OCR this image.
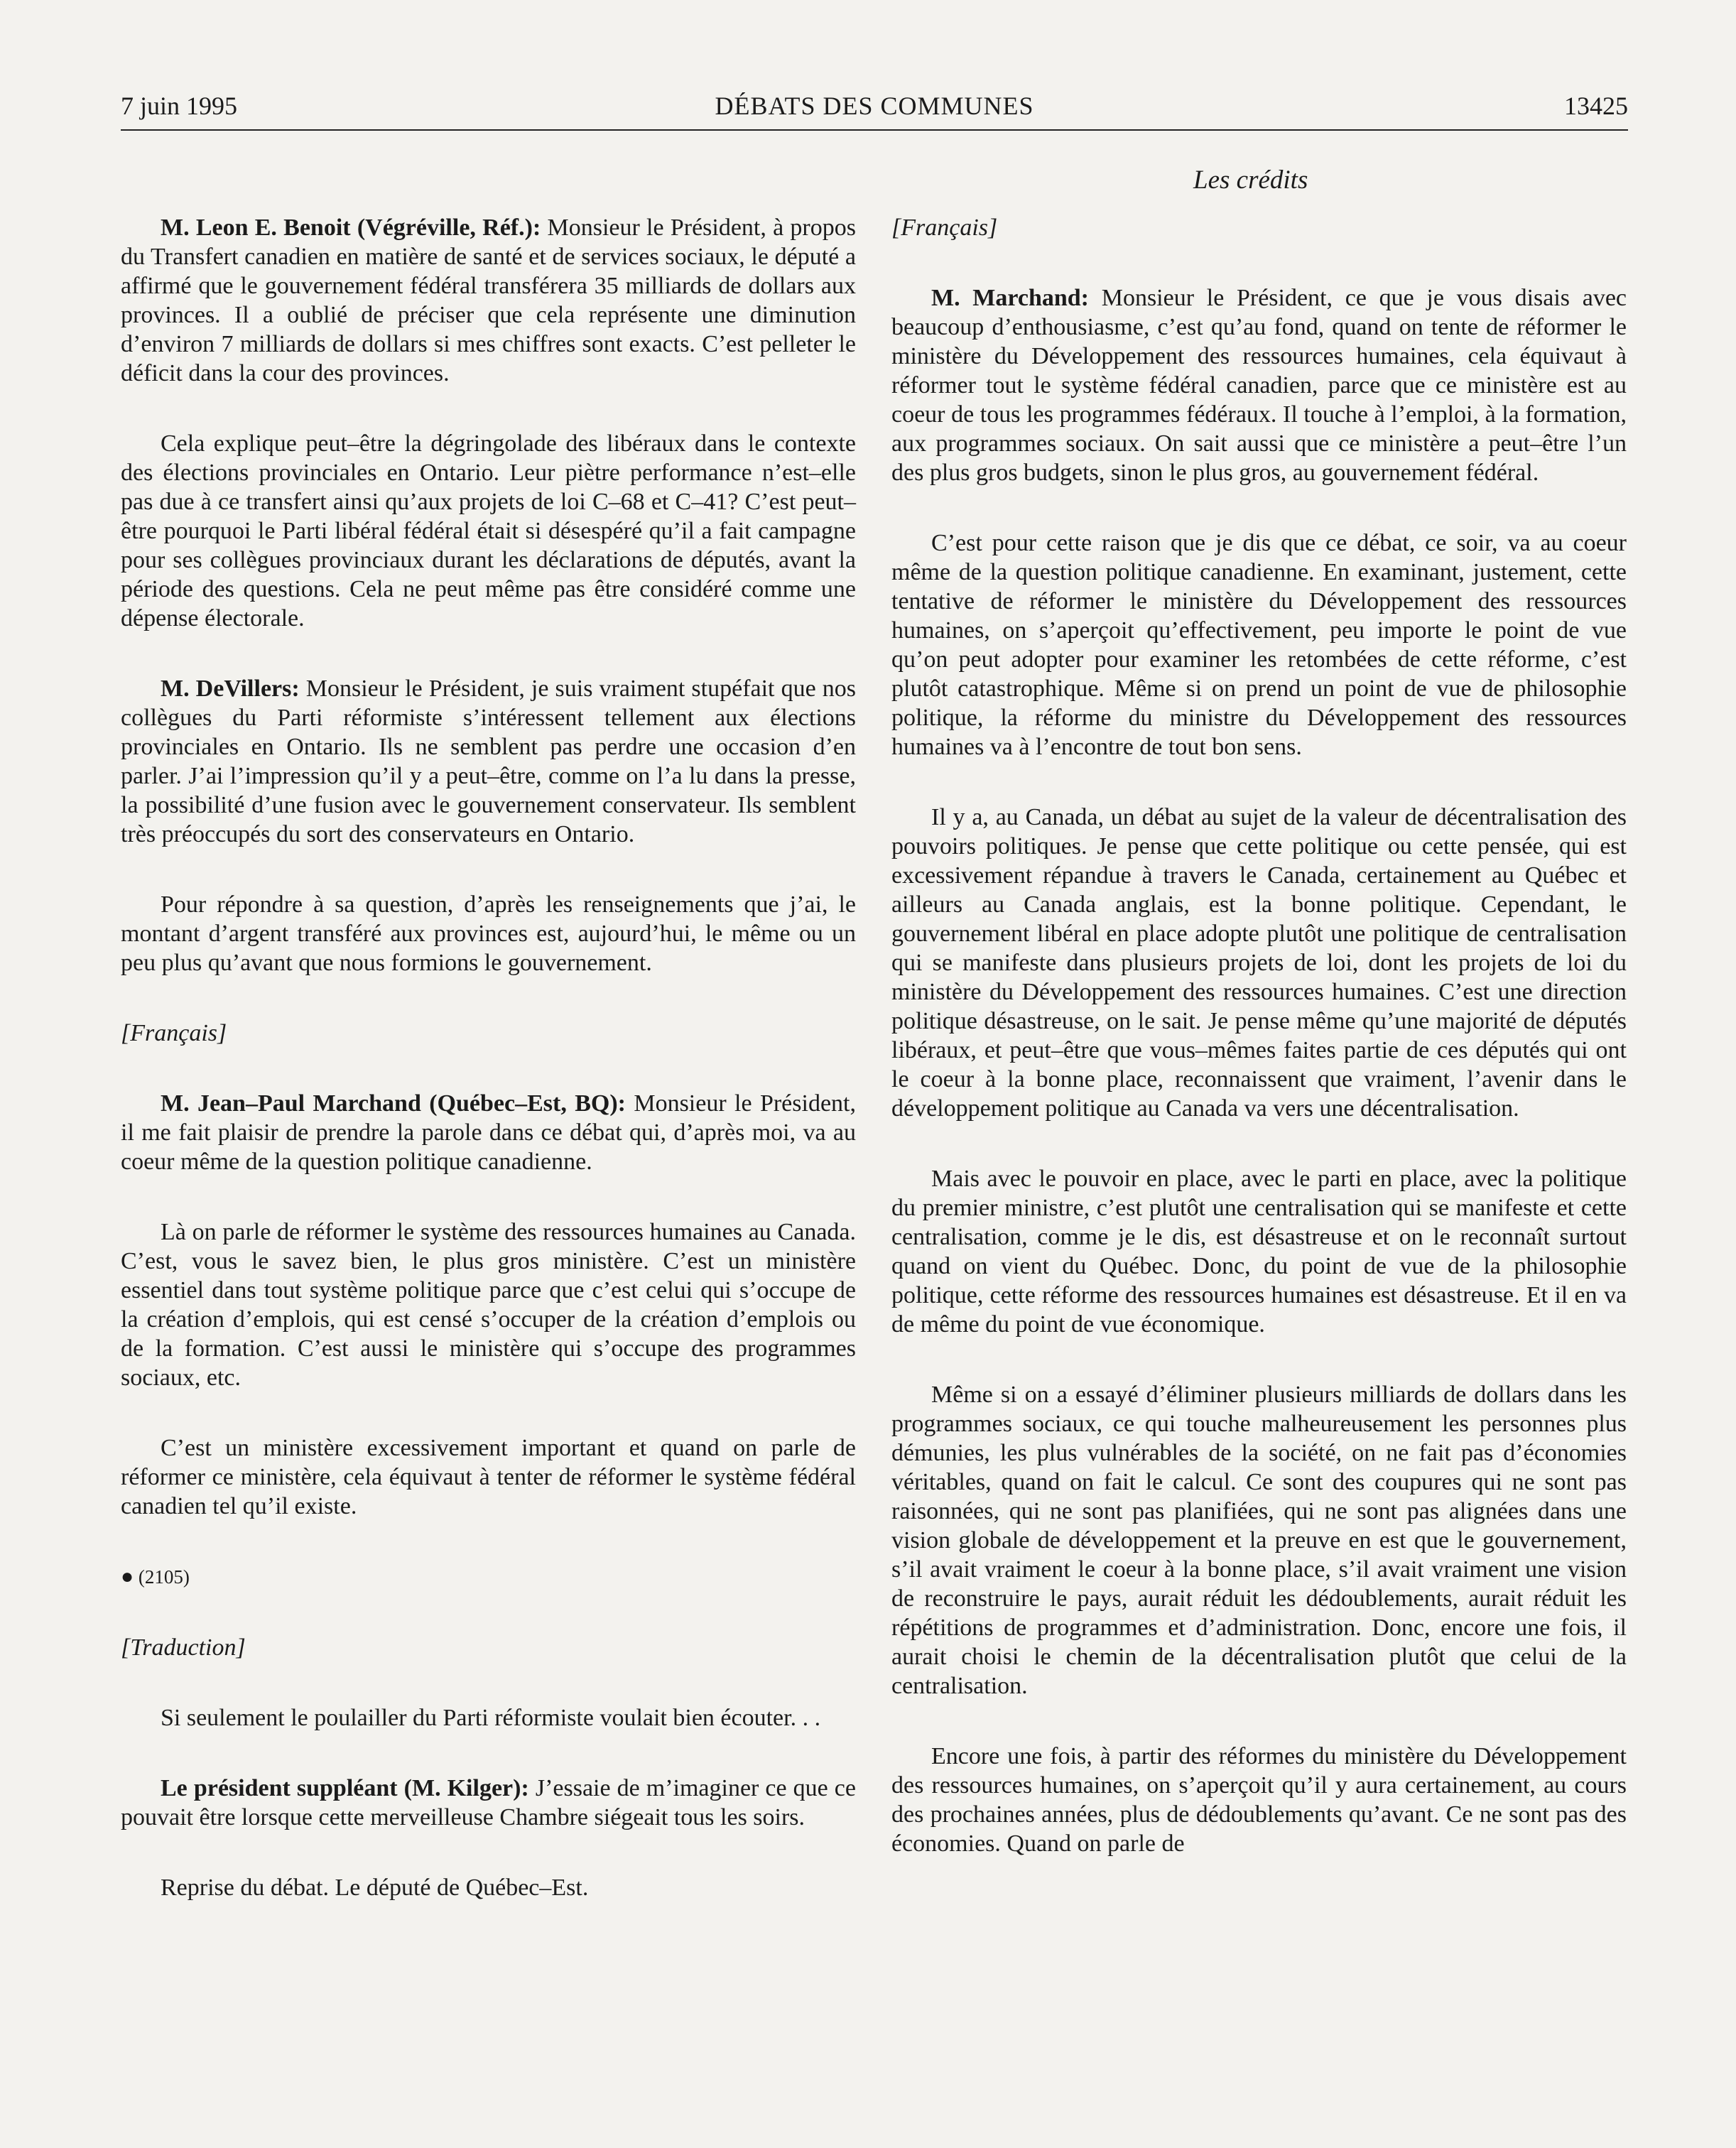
7 juin 1995	DÉBATS DES COMMUNES	13425
Les crédits

M. Leon E. Benoit (Végréville, Réf.): Monsieur le Président, à propos du Transfert canadien en matière de santé et de services sociaux, le député a affirmé que le gouvernement fédéral transférera 35 milliards de dollars aux provinces. Il a oublié de préciser que cela représente une diminution d’environ 7 milliards de dollars si mes chiffres sont exacts. C’est pelleter le déficit dans la cour des provinces.

Cela explique peut–être la dégringolade des libéraux dans le contexte des élections provinciales en Ontario. Leur piètre performance n’est–elle pas due à ce transfert ainsi qu’aux projets de loi C–68 et C–41? C’est peut–être pourquoi le Parti libéral fédéral était si désespéré qu’il a fait campagne pour ses collègues provinciaux durant les déclarations de députés, avant la période des questions. Cela ne peut même pas être considéré comme une dépense électorale.

M. DeVillers: Monsieur le Président, je suis vraiment stupéfait que nos collègues du Parti réformiste s’intéressent tellement aux élections provinciales en Ontario. Ils ne semblent pas perdre une occasion d’en parler. J’ai l’impression qu’il y a peut–être, comme on l’a lu dans la presse, la possibilité d’une fusion avec le gouvernement conservateur. Ils semblent très préoccupés du sort des conservateurs en Ontario.

Pour répondre à sa question, d’après les renseignements que j’ai, le montant d’argent transféré aux provinces est, aujourd’hui, le même ou un peu plus qu’avant que nous formions le gouvernement.

[Français]

M. Jean–Paul Marchand (Québec–Est, BQ): Monsieur le Président, il me fait plaisir de prendre la parole dans ce débat qui, d’après moi, va au coeur même de la question politique canadienne.

Là on parle de réformer le système des ressources humaines au Canada. C’est, vous le savez bien, le plus gros ministère. C’est un ministère essentiel dans tout système politique parce que c’est celui qui s’occupe de la création d’emplois, qui est censé s’occuper de la création d’emplois ou de la formation. C’est aussi le ministère qui s’occupe des programmes sociaux, etc.

C’est un ministère excessivement important et quand on parle de réformer ce ministère, cela équivaut à tenter de réformer le système fédéral canadien tel qu’il existe.

● (2105)

[Traduction]

Si seulement le poulailler du Parti réformiste voulait bien écouter. . .

Le président suppléant (M. Kilger): J’essaie de m’imaginer ce que ce pouvait être lorsque cette merveilleuse Chambre siégeait tous les soirs.

Reprise du débat. Le député de Québec–Est.

[Français]

M. Marchand: Monsieur le Président, ce que je vous disais avec beaucoup d’enthousiasme, c’est qu’au fond, quand on tente de réformer le ministère du Développement des ressources humaines, cela équivaut à réformer tout le système fédéral canadien, parce que ce ministère est au coeur de tous les programmes fédéraux. Il touche à l’emploi, à la formation, aux programmes sociaux. On sait aussi que ce ministère a peut–être l’un des plus gros budgets, sinon le plus gros, au gouvernement fédéral.

C’est pour cette raison que je dis que ce débat, ce soir, va au coeur même de la question politique canadienne. En examinant, justement, cette tentative de réformer le ministère du Développement des ressources humaines, on s’aperçoit qu’effectivement, peu importe le point de vue qu’on peut adopter pour examiner les retombées de cette réforme, c’est plutôt catastrophique. Même si on prend un point de vue de philosophie politique, la réforme du ministre du Développement des ressources humaines va à l’encontre de tout bon sens.

Il y a, au Canada, un débat au sujet de la valeur de décentralisation des pouvoirs politiques. Je pense que cette politique ou cette pensée, qui est excessivement répandue à travers le Canada, certainement au Québec et ailleurs au Canada anglais, est la bonne politique. Cependant, le gouvernement libéral en place adopte plutôt une politique de centralisation qui se manifeste dans plusieurs projets de loi, dont les projets de loi du ministère du Développement des ressources humaines. C’est une direction politique désastreuse, on le sait. Je pense même qu’une majorité de députés libéraux, et peut–être que vous–mêmes faites partie de ces députés qui ont le coeur à la bonne place, reconnaissent que vraiment, l’avenir dans le développement politique au Canada va vers une décentralisation.

Mais avec le pouvoir en place, avec le parti en place, avec la politique du premier ministre, c’est plutôt une centralisation qui se manifeste et cette centralisation, comme je le dis, est désastreuse et on le reconnaît surtout quand on vient du Québec. Donc, du point de vue de la philosophie politique, cette réforme des ressources humaines est désastreuse. Et il en va de même du point de vue économique.

Même si on a essayé d’éliminer plusieurs milliards de dollars dans les programmes sociaux, ce qui touche malheureusement les personnes plus démunies, les plus vulnérables de la société, on ne fait pas d’économies véritables, quand on fait le calcul. Ce sont des coupures qui ne sont pas raisonnées, qui ne sont pas planifiées, qui ne sont pas alignées dans une vision globale de développement et la preuve en est que le gouvernement, s’il avait vraiment le coeur à la bonne place, s’il avait vraiment une vision de reconstruire le pays, aurait réduit les dédoublements, aurait réduit les répétitions de programmes et d’administration. Donc, encore une fois, il aurait choisi le chemin de la décentralisation plutôt que celui de la centralisation.

Encore une fois, à partir des réformes du ministère du Développement des ressources humaines, on s’aperçoit qu’il y aura certainement, au cours des prochaines années, plus de dédoublements qu’avant. Ce ne sont pas des économies. Quand on parle de
